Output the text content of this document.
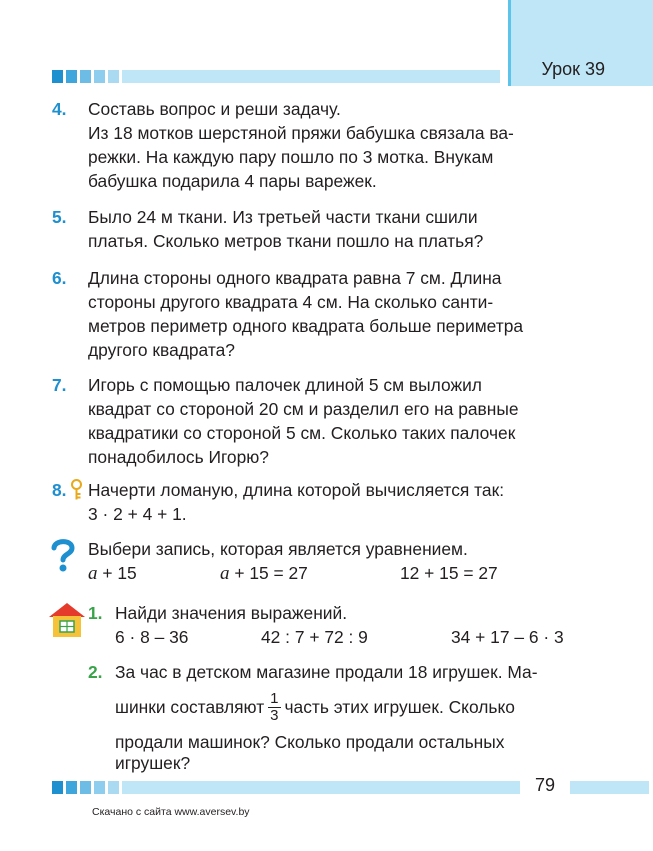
Урок 39
4. Составь вопрос и реши задачу.
Из 18 мотков шерстяной пряжи бабушка связала ва-
режки. На каждую пару пошло по 3 мотка. Внукам
бабушка подарила 4 пары варежек.
5. Было 24 м ткани. Из третьей части ткани сшили
платья. Сколько метров ткани пошло на платья?
6. Длина стороны одного квадрата равна 7 см. Длина
стороны другого квадрата 4 см. На сколько санти-
метров периметр одного квадрата больше периметра
другого квадрата?
7. Игорь с помощью палочек длиной 5 см выложил
квадрат со стороной 20 см и разделил его на равные
квадратики со стороной 5 см. Сколько таких палочек
понадобилось Игорю?
8. Начерти ломаную, длина которой вычисляется так:
3 · 2 + 4 + 1.
Выбери запись, которая является уравнением.
a + 15	a + 15 = 27	12 + 15 = 27
1. Найди значения выражений.
6 · 8 – 36	42 : 7 + 72 : 9	34 + 17 – 6 · 3
2. За час в детском магазине продали 18 игрушек. Ма-
шинки составляют $\frac{1}{3}$ часть этих игрушек. Сколько
продали машинок? Сколько продали остальных
игрушек?
79
Скачано с сайта www.aversev.by
